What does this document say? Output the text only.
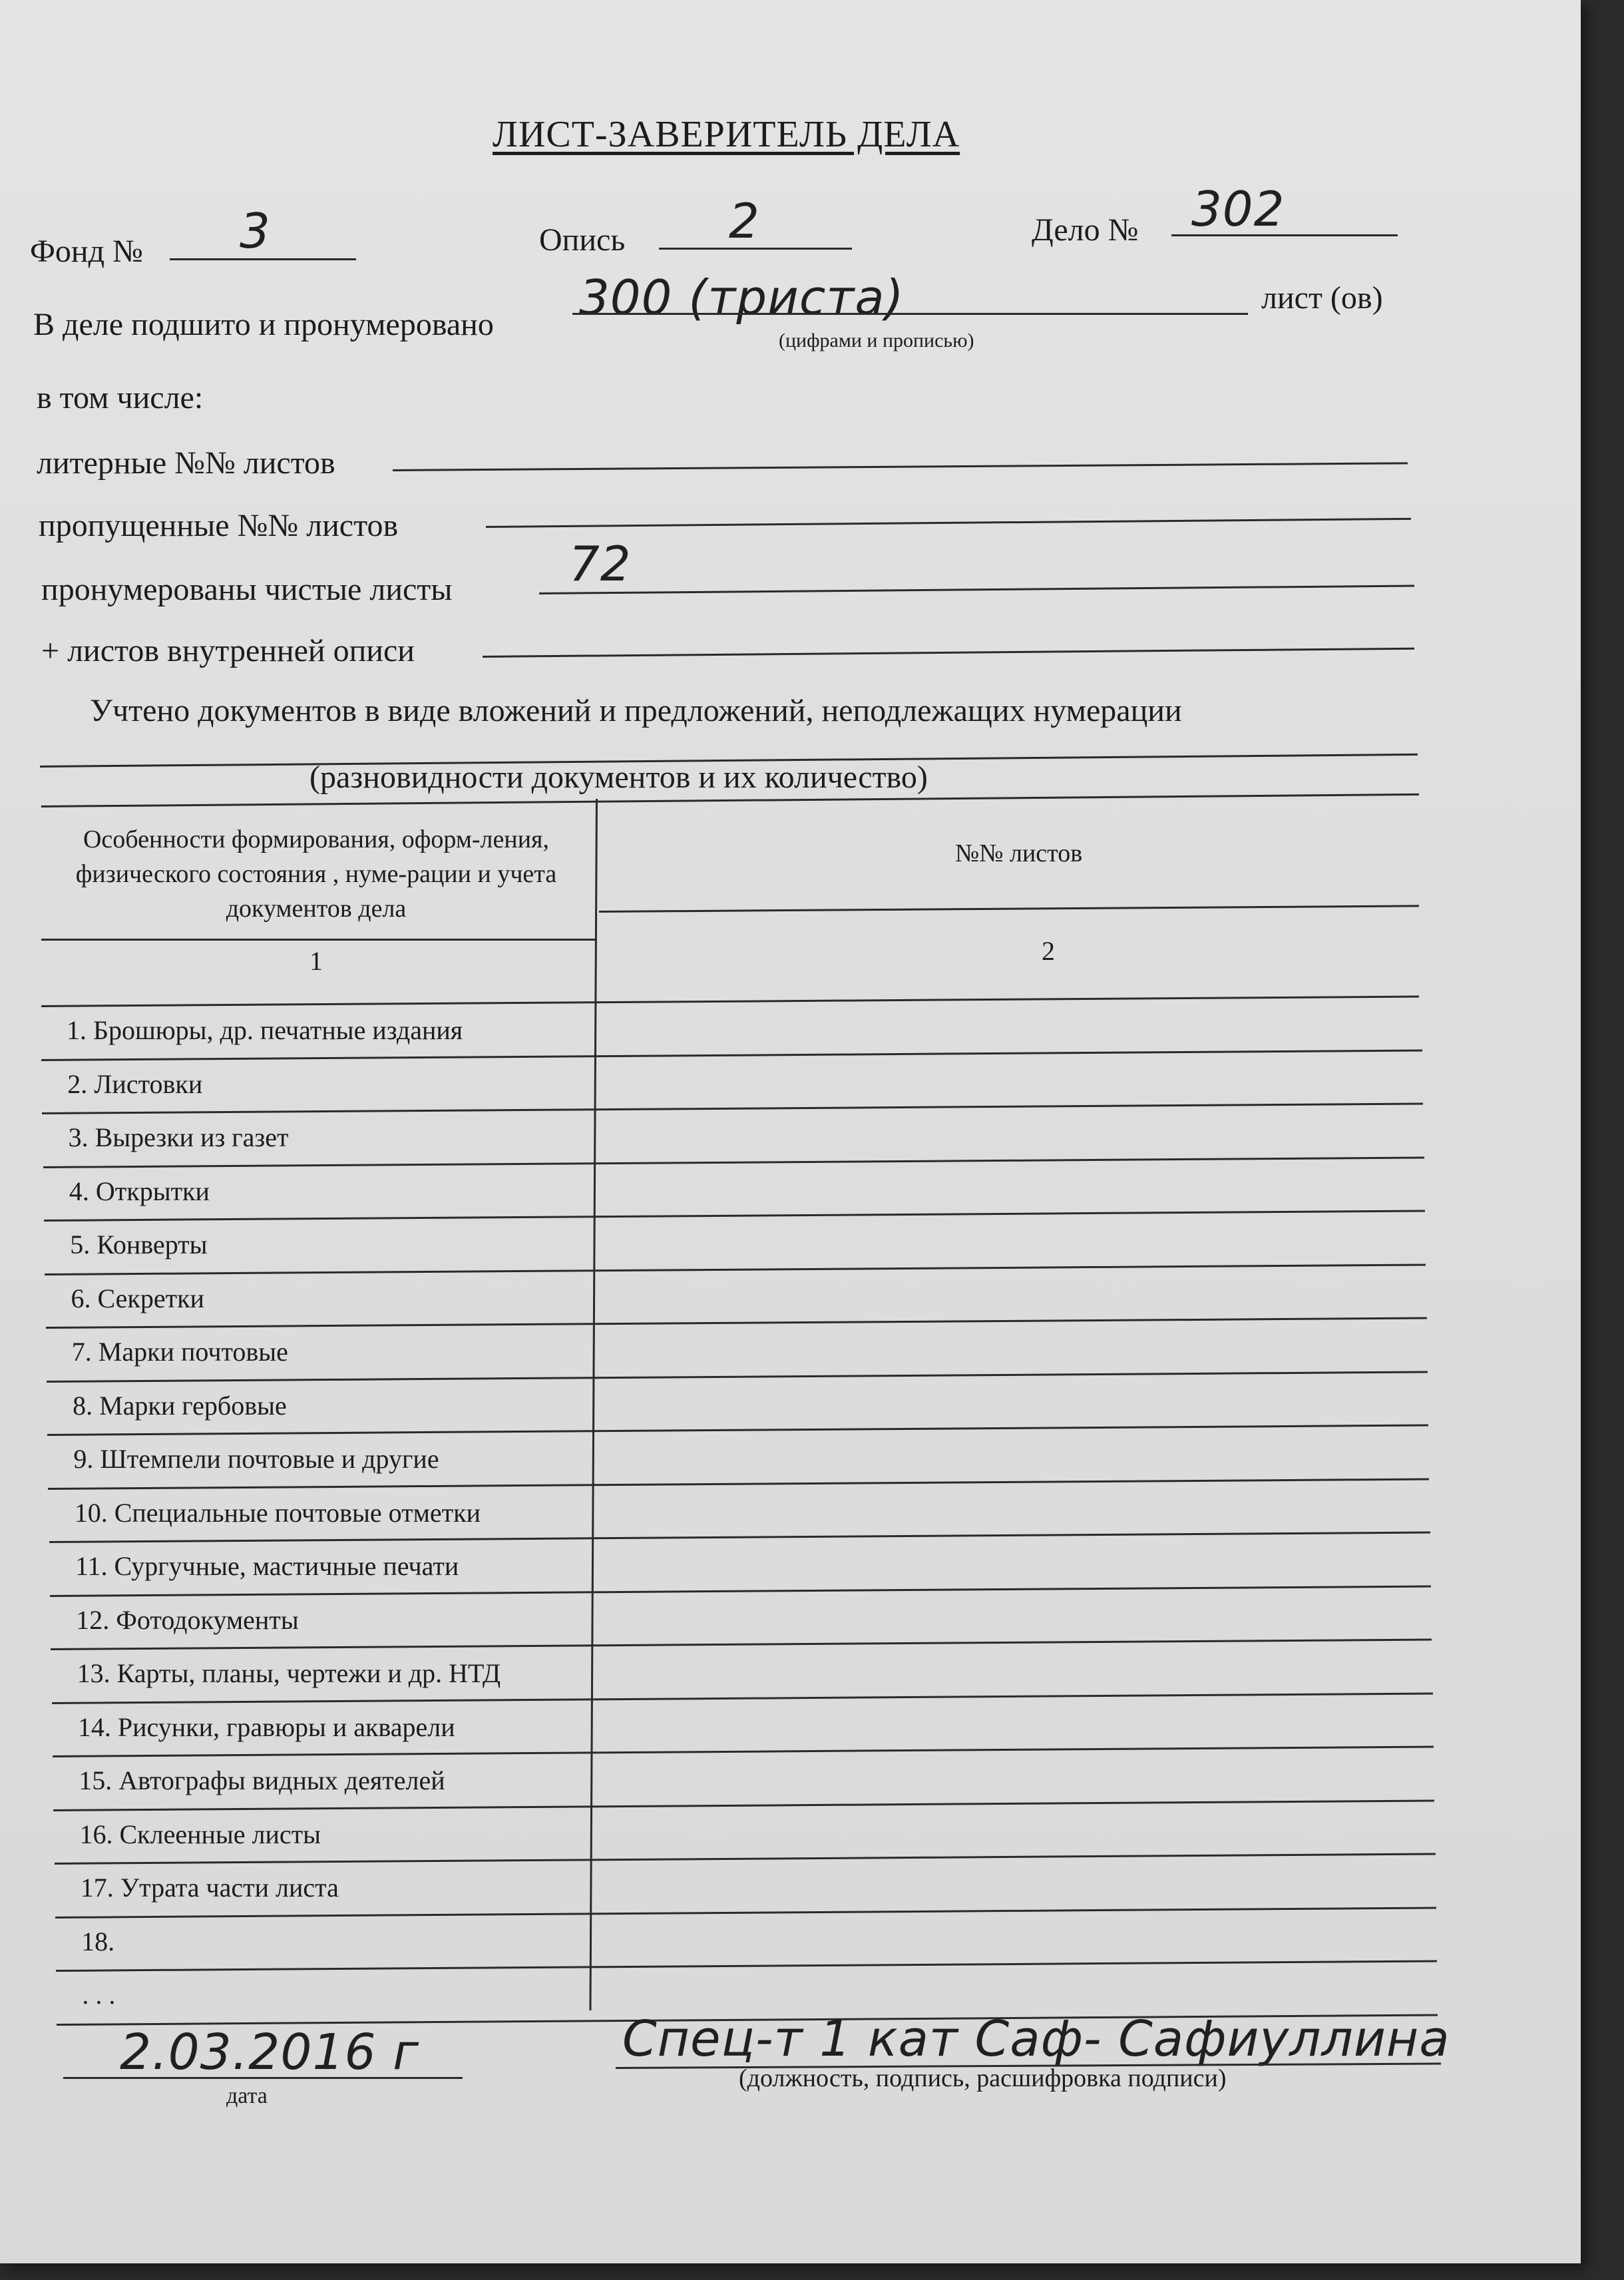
ЛИСТ-ЗАВЕРИТЕЛЬ ДЕЛА
Фонд № 3	Опись 2	Дело № 302
В деле подшито и пронумеровано 300 (триста)	лист (ов)
(цифрами и прописью)
в том числе:
литерные №№ листов
пропущенные №№ листов
пронумерованы чистые листы 72
+ листов внутренней описи
Учтено документов в виде вложений и предложений, неподлежащих нумерации
(разновидности документов и их количество)
Особенности формирования, оформ-ления, физического состояния , нуме-рации и учета документов дела
№№ листов
1	2
1. Брошюры, др. печатные издания
2. Листовки
3. Вырезки из газет
4. Открытки
5. Конверты
6. Секретки
7. Марки почтовые
8. Марки гербовые
9. Штемпели почтовые и другие
10. Специальные почтовые отметки
11. Сургучные, мастичные печати
12. Фотодокументы
13. Карты, планы, чертежи и др. НТД
14. Рисунки, гравюры и акварели
15. Автографы видных деятелей
16. Склеенные листы
17. Утрата части листа
18.
. . .
2.03.2016 г
дата
Спец-т 1 кат Саф- Сафиуллина
(должность, подпись, расшифровка подписи)
